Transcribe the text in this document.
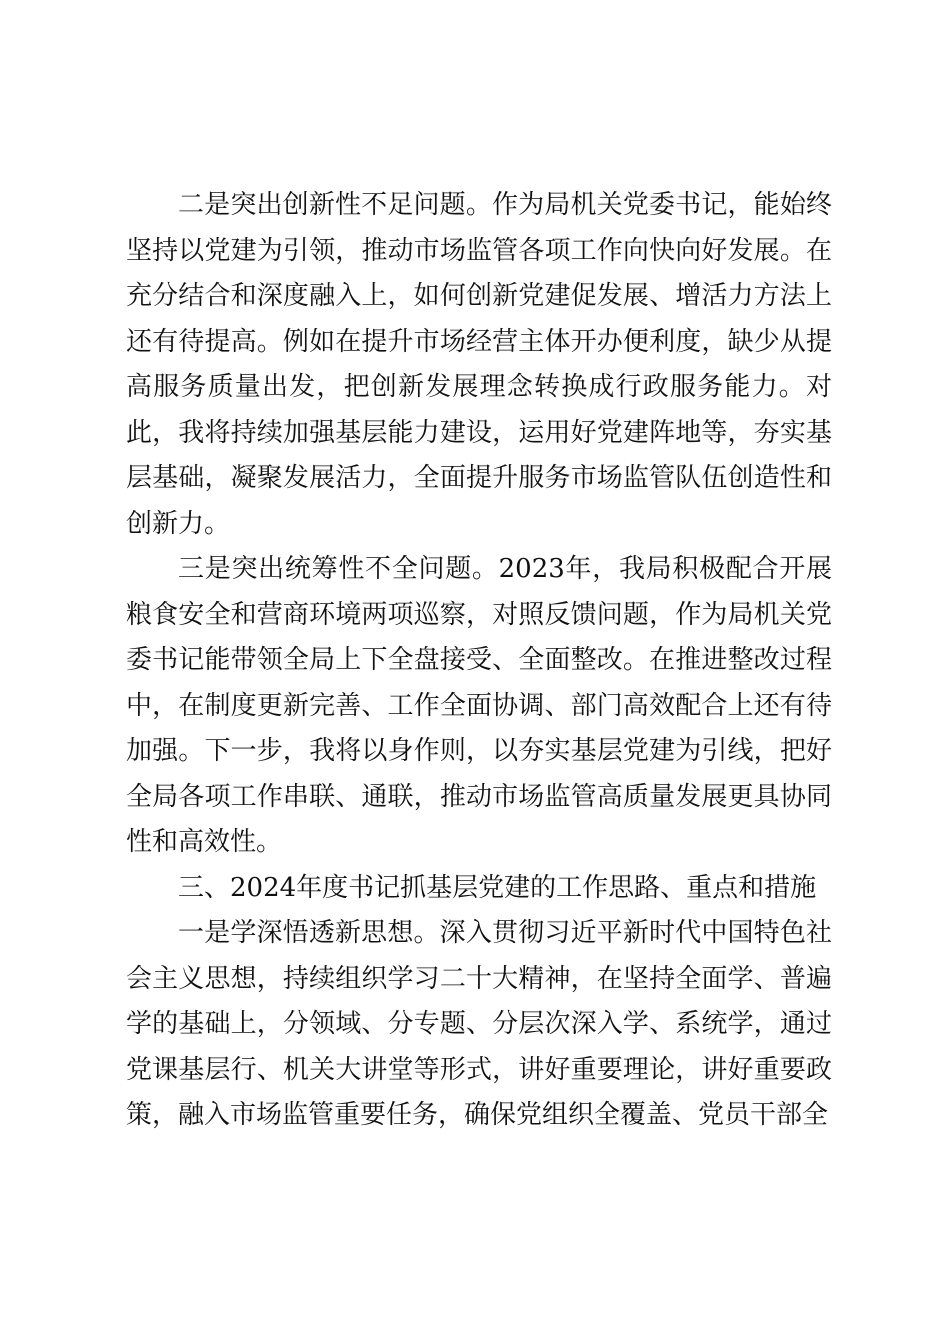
二是突出创新性不足问题。作为局机关党委书记，能始终坚持以党建为引领，推动市场监管各项工作向快向好发展。在充分结合和深度融入上，如何创新党建促发展、增活力方法上还有待提高。例如在提升市场经营主体开办便利度，缺少从提高服务质量出发，把创新发展理念转换成行政服务能力。对此，我将持续加强基层能力建设，运用好党建阵地等，夯实基层基础，凝聚发展活力，全面提升服务市场监管队伍创造性和创新力。

三是突出统筹性不全问题。2023年，我局积极配合开展粮食安全和营商环境两项巡察，对照反馈问题，作为局机关党委书记能带领全局上下全盘接受、全面整改。在推进整改过程中，在制度更新完善、工作全面协调、部门高效配合上还有待加强。下一步，我将以身作则，以夯实基层党建为引线，把好全局各项工作串联、通联，推动市场监管高质量发展更具协同性和高效性。

三、2024年度书记抓基层党建的工作思路、重点和措施

一是学深悟透新思想。深入贯彻习近平新时代中国特色社会主义思想，持续组织学习二十大精神，在坚持全面学、普遍学的基础上，分领域、分专题、分层次深入学、系统学，通过党课基层行、机关大讲堂等形式，讲好重要理论，讲好重要政策，融入市场监管重要任务，确保党组织全覆盖、党员干部全
